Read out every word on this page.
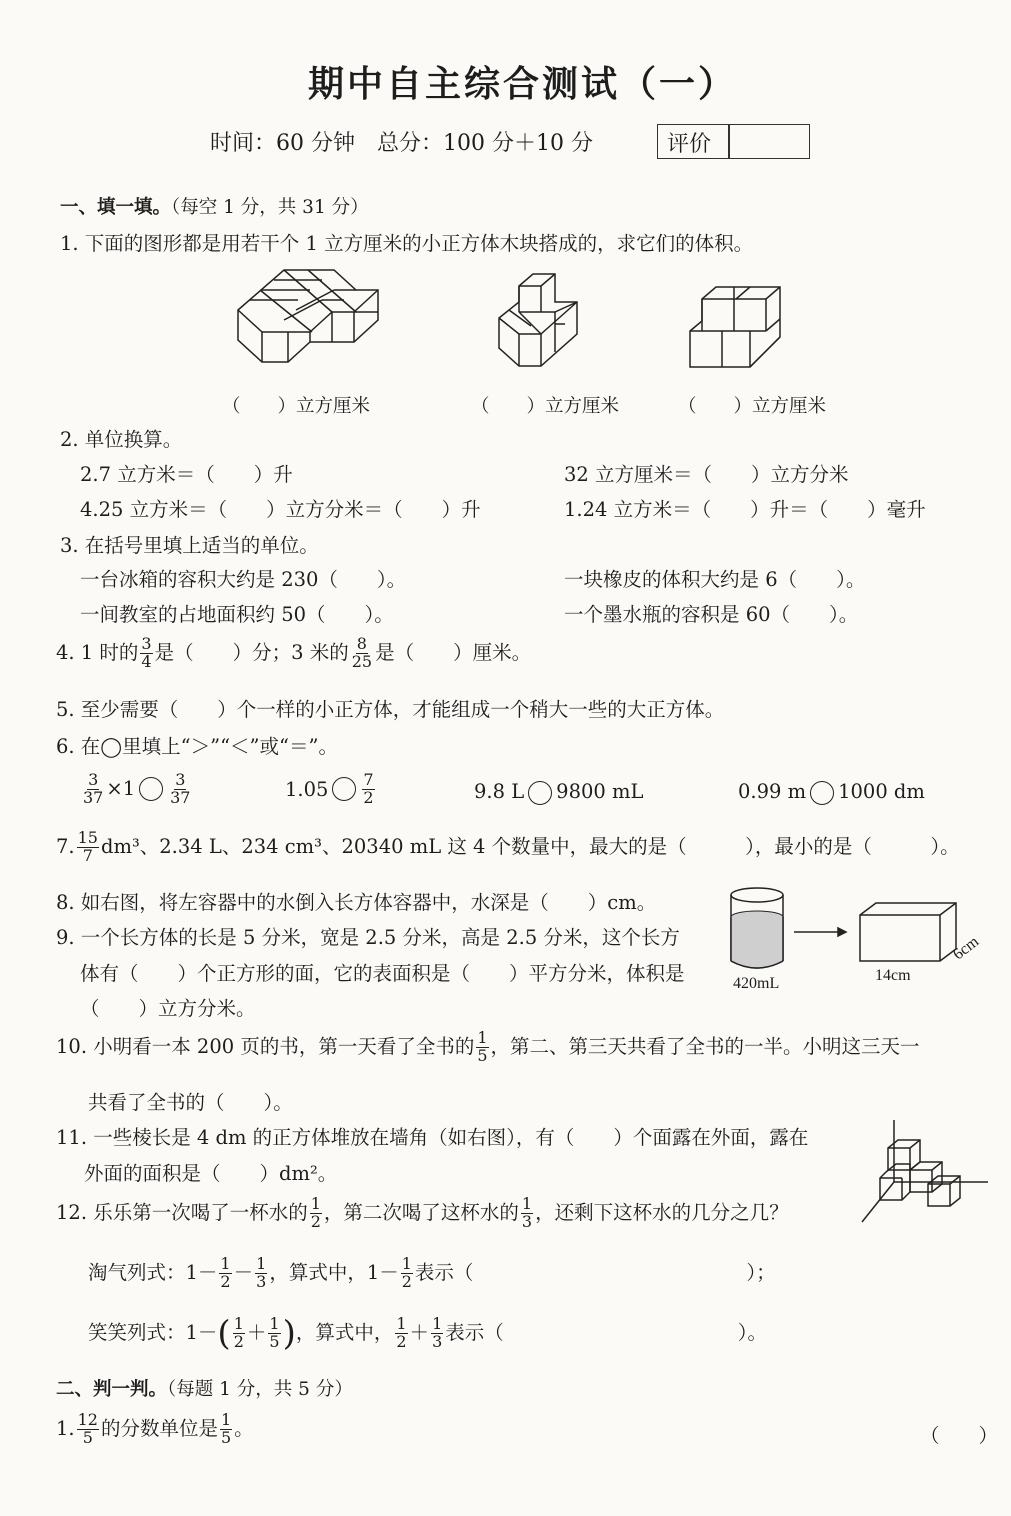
期中自主综合测试（一）
时间：60 分钟　总分：100 分＋10 分	评价
一、填一填。（每空 1 分，共 31 分）
1. 下面的图形都是用若干个 1 立方厘米的小正方体木块搭成的，求它们的体积。
（　　）立方厘米	（　　）立方厘米	（　　）立方厘米
2. 单位换算。
2.7 立方米＝（　　）升	32 立方厘米＝（　　）立方分米
4.25 立方米＝（　　）立方分米＝（　　）升	1.24 立方米＝（　　）升＝（　　）毫升
3. 在括号里填上适当的单位。
一台冰箱的容积大约是 230（　　）。	一块橡皮的体积大约是 6（　　）。
一间教室的占地面积约 50（　　）。	一个墨水瓶的容积是 60（　　）。
4. 1 时的 $\frac{3}{4}$ 是（　　）分；3 米的 $\frac{8}{25}$ 是（　　）厘米。
5. 至少需要（　　）个一样的小正方体，才能组成一个稍大一些的大正方体。
6. 在◯里填上“＞”“＜”或“＝”。
$\frac{3}{37} \times 1 \frac{3}{37}$	$1.05 \frac{7}{2}$	9.8 L 9800 mL	0.99 m 1000 dm
7. $\frac{15}{7} dm^3$、2.34 L、234 cm³、20340 mL 这 4 个数量中，最大的是（　　　），最小的是（　　　）。
8. 如右图，将左容器中的水倒入长方体容器中，水深是（　　）cm。
420mL	14cm
6cm
9. 一个长方体的长是 5 分米，宽是 2.5 分米，高是 2.5 分米，这个长方
体有（　　）个正方形的面，它的表面积是（　　）平方分米，体积是
（　　）立方分米。
10. 小明看一本 200 页的书，第一天看了全书的 $\frac{1}{5}$ ，第二、第三天共看了全书的一半。小明这三天一
共看了全书的（　　）。
11. 一些棱长是 4 dm 的正方体堆放在墙角（如右图），有（　　）个面露在外面，露在
外面的面积是（　　）dm²。
12. 乐乐第一次喝了一杯水的 $\frac{1}{2}$ ，第二次喝了这杯水的 $\frac{1}{3}$ ，还剩下这杯水的几分之几？
淘气列式：$1- \frac{1}{2} - \frac{1}{3}$ ，算式中，$1- \frac{1}{2}$ 表示（　　　　　　　　　　　　　　）；
笑笑列式：$1-( \frac{1}{2} + \frac{1}{5}$ )，算式中， $\frac{1}{2} + \frac{1}{3}$ 表示（　　　　　　　　　　　　）。
二、判一判。（每题 1 分，共 5 分）
1. $\frac{12}{5}$ 的分数单位是 $\frac{1}{5}$ 。	（　　）
